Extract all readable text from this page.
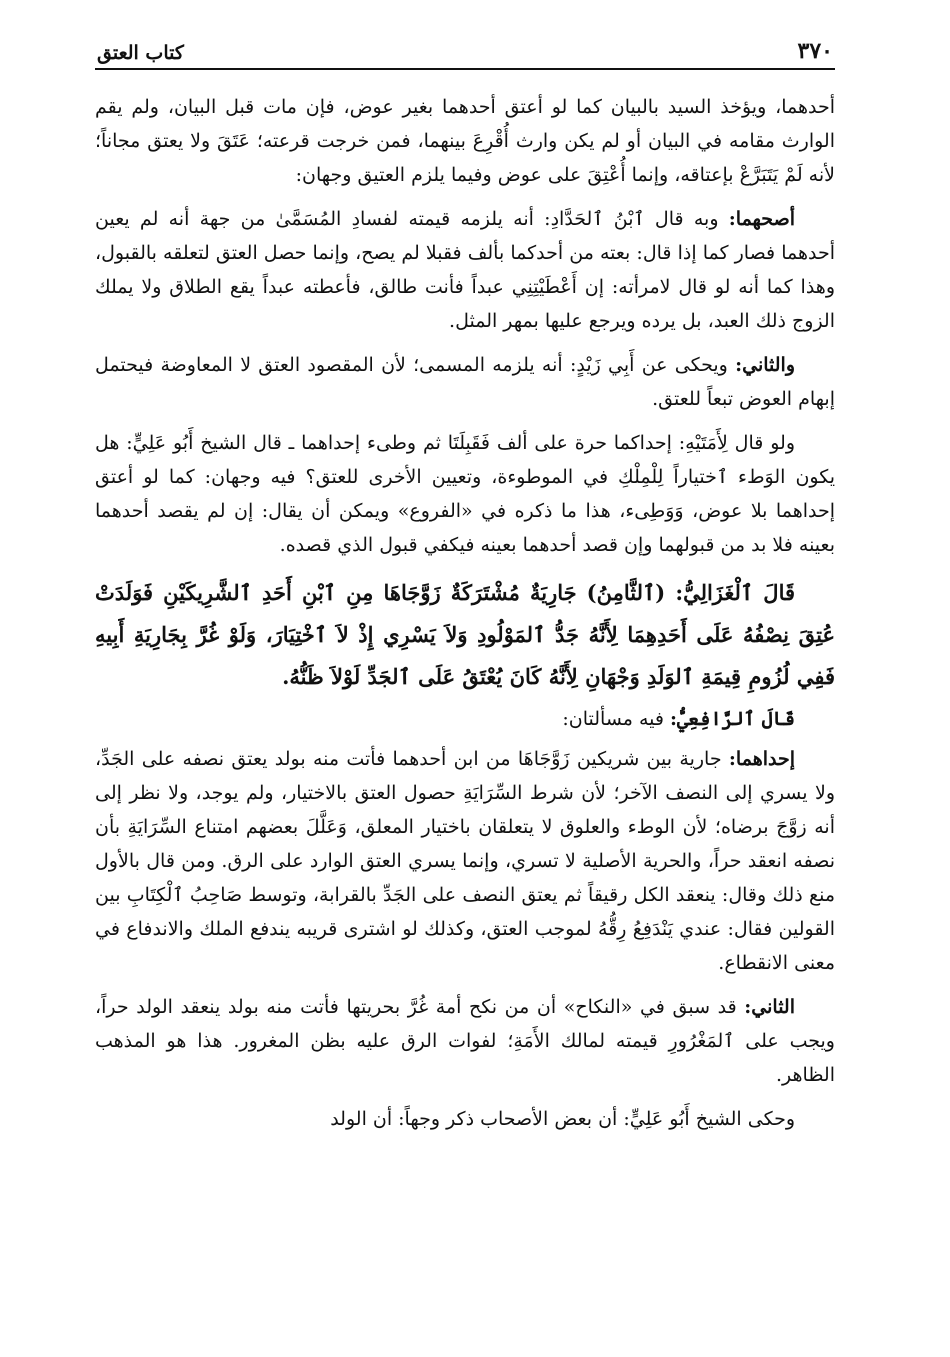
٣٧٠
كتاب العتق

أحدهما، ويؤخذ السيد بالبيان كما لو أعتق أحدهما بغير عوض، فإن مات قبل البيان، ولم يقم الوارث مقامه في البيان أو لم يكن وارث أُقْرِعَ بينهما، فمن خرجت قرعته؛ عَتَقَ ولا يعتق مجاناً؛ لأنه لَمْ يَتَبَرَّعْ بإعتاقه، وإنما أُعْتِقَ على عوض وفيما يلزم العتيق وجهان:

أصحهما: وبه قال ٱبْنُ ٱلحَدَّادِ: أنه يلزمه قيمته لفسادِ المُسَمَّىٰ من جهة أنه لم يعين أحدهما فصار كما إذا قال: بعته من أحدكما بألف فقبلا لم يصح، وإنما حصل العتق لتعلقه بالقبول، وهذا كما أنه لو قال لامرأته: إن أَعْطَيْتِنِي عبداً فأنت طالق، فأعطته عبداً يقع الطلاق ولا يملك الزوج ذلك العبد، بل يرده ويرجع عليها بمهر المثل.

والثاني: ويحكى عن أَبِي زَيْدٍ: أنه يلزمه المسمى؛ لأن المقصود العتق لا المعاوضة فيحتمل إبهام العوض تبعاً للعتق.

ولو قال لِأَمَتَيْهِ: إحداكما حرة على ألف فَقَبِلَتَا ثم وطىء إحداهما ـ قال الشيخ أَبُو عَلِيٍّ: هل يكون الوَطء ٱختياراً لِلْمِلْكِ في الموطوءة، وتعيين الأخرى للعتق؟ فيه وجهان: كما لو أعتق إحداهما بلا عوض، وَوَطِىء، هذا ما ذكره في «الفروع» ويمكن أن يقال: إن لم يقصد أحدهما بعينه فلا بد من قبولهما وإن قصد أحدهما بعينه فيكفي قبول الذي قصده.

قَالَ ٱلْغَزَالِيُّ: (ٱلثَّامِنُ) جَارِيَةٌ مُشْتَرَكَةٌ زَوَّجَاهَا مِنِ ٱبْنِ أَحَدِ ٱلشَّرِيكَيْنِ فَوَلَدَتْ عُتِقَ نِصْفُهُ عَلَى أَحَدِهِمَا لِأَنَّهُ جَدُّ ٱلمَوْلُودِ وَلاَ يَسْرِي إِذْ لاَ ٱخْتِيَارَ، وَلَوْ غُرَّ بِجَارِيَةِ أَبِيهِ فَفِي لُزُومِ قِيمَةِ ٱلوَلَدِ وَجْهَانِ لِأَنَّهُ كَانَ يُعْتَقُ عَلَى ٱلجَدِّ لَوْلاَ ظَنُّهُ.

قَالَ ٱلرَّافِعِيُّ: فيه مسألتان:

إحداهما: جارية بين شريكين زَوَّجَاهَا من ابن أحدهما فأتت منه بولد يعتق نصفه على الجَدِّ، ولا يسري إلى النصف الآخر؛ لأن شرط السِّرَايَةِ حصول العتق بالاختيار، ولم يوجد، ولا نظر إلى أنه زوَّجَ برضاه؛ لأن الوطء والعلوق لا يتعلقان باختيار المعلق، وَعَلَّلَ بعضهم امتناع السِّرَايَةِ بأن نصفه انعقد حراً، والحرية الأصلية لا تسري، وإنما يسري العتق الوارد على الرق. ومن قال بالأول منع ذلك وقال: ينعقد الكل رقيقاً ثم يعتق النصف على الجَدِّ بالقرابة، وتوسط صَاحِبُ ٱلْكِتَابِ بين القولين فقال: عندي يَنْدَفِعُ رِقُّهُ لموجب العتق، وكذلك لو اشترى قريبه يندفع الملك والاندفاع في معنى الانقطاع.

الثاني: قد سبق في «النكاح» أن من نكح أمة غُرَّ بحريتها فأتت منه بولد ينعقد الولد حراً، ويجب على ٱلمَغْرُورِ قيمته لمالك الأَمَةِ؛ لفوات الرق عليه بظن المغرور. هذا هو المذهب الظاهر.

وحكى الشيخ أَبُو عَلِيٍّ: أن بعض الأصحاب ذكر وجهاً: أن الولد
